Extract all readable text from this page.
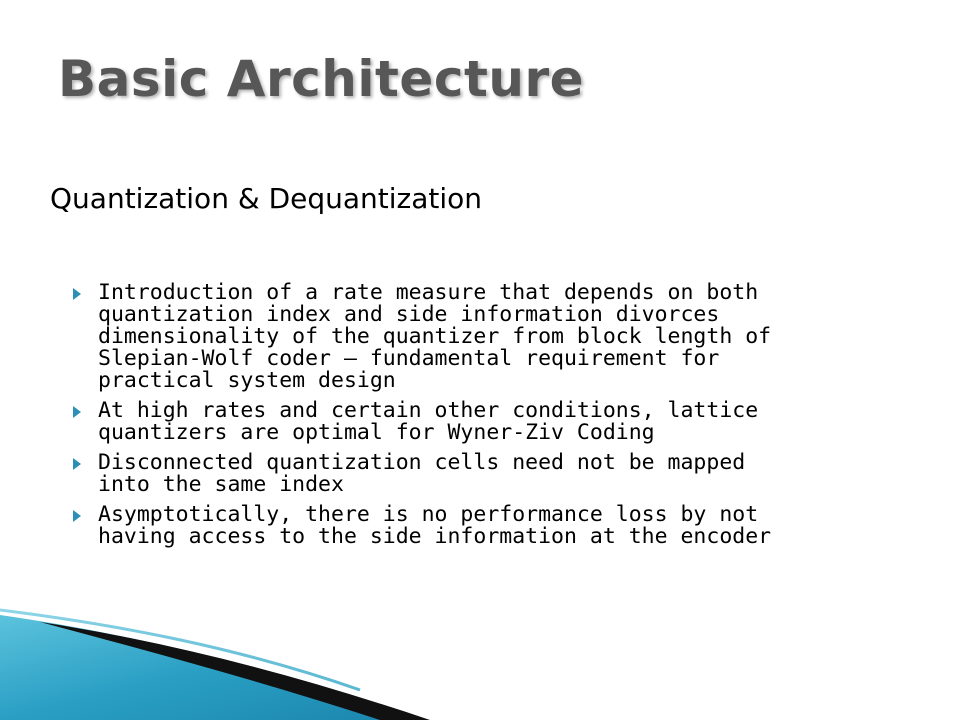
Basic Architecture
Quantization & Dequantization
Introduction of a rate measure that depends on both
quantization index and side information divorces
dimensionality of the quantizer from block length of
Slepian-Wolf coder – fundamental requirement for
practical system design
At high rates and certain other conditions, lattice
quantizers are optimal for Wyner-Ziv Coding
Disconnected quantization cells need not be mapped
into the same index
Asymptotically, there is no performance loss by not
having access to the side information at the encoder
